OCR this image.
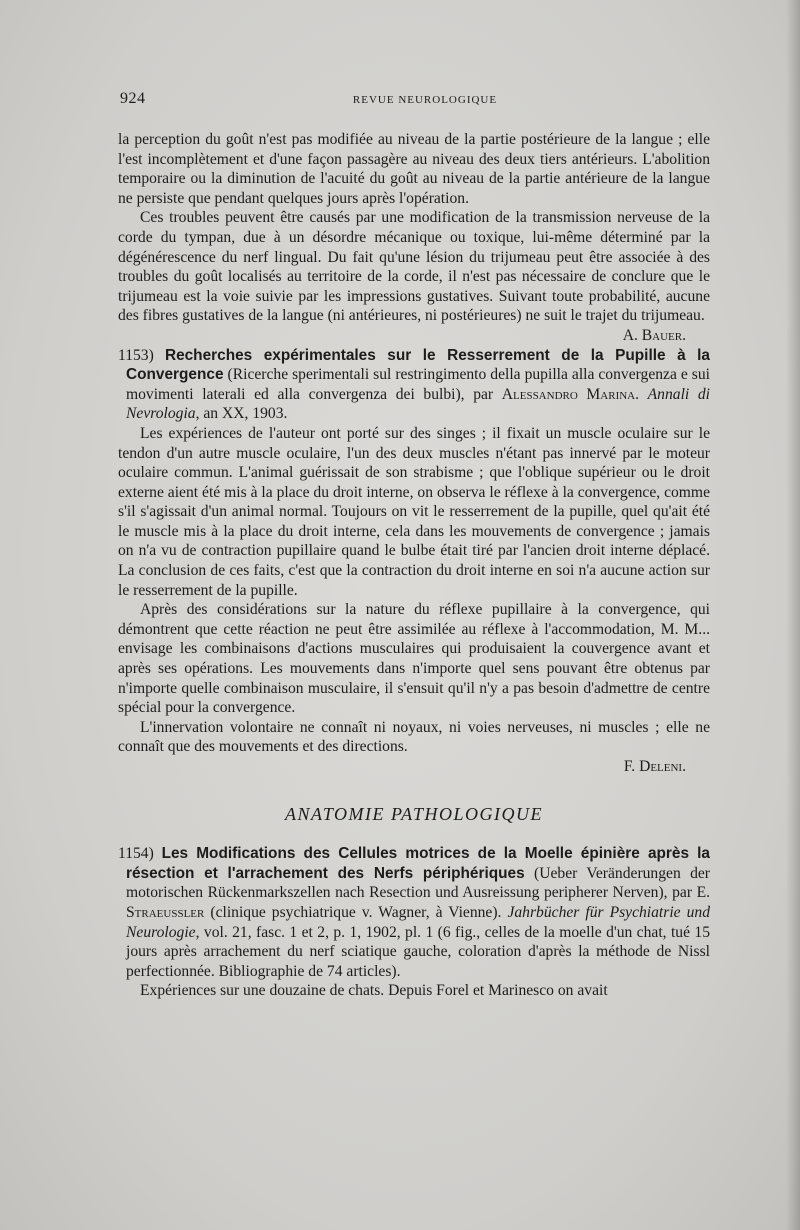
924	REVUE NEUROLOGIQUE

la perception du goût n'est pas modifiée au niveau de la partie postérieure de la langue ; elle l'est incomplètement et d'une façon passagère au niveau des deux tiers antérieurs. L'abolition temporaire ou la diminution de l'acuité du goût au niveau de la partie antérieure de la langue ne persiste que pendant quelques jours après l'opération.

Ces troubles peuvent être causés par une modification de la transmission nerveuse de la corde du tympan, due à un désordre mécanique ou toxique, lui-même déterminé par la dégénérescence du nerf lingual. Du fait qu'une lésion du trijumeau peut être associée à des troubles du goût localisés au territoire de la corde, il n'est pas nécessaire de conclure que le trijumeau est la voie suivie par les impressions gustatives. Suivant toute probabilité, aucune des fibres gustatives de la langue (ni antérieures, ni postérieures) ne suit le trajet du trijumeau.

A. Bauer.

1153) Recherches expérimentales sur le Resserrement de la Pupille à la Convergence (Ricerche sperimentali sul restringimento della pupilla alla convergenza e sui movimenti laterali ed alla convergenza dei bulbi), par Alessandro Marina. Annali di Nevrologia, an XX, 1903.

Les expériences de l'auteur ont porté sur des singes ; il fixait un muscle oculaire sur le tendon d'un autre muscle oculaire, l'un des deux muscles n'étant pas innervé par le moteur oculaire commun. L'animal guérissait de son strabisme ; que l'oblique supérieur ou le droit externe aient été mis à la place du droit interne, on observa le réflexe à la convergence, comme s'il s'agissait d'un animal normal. Toujours on vit le resserrement de la pupille, quel qu'ait été le muscle mis à la place du droit interne, cela dans les mouvements de convergence ; jamais on n'a vu de contraction pupillaire quand le bulbe était tiré par l'ancien droit interne déplacé. La conclusion de ces faits, c'est que la contraction du droit interne en soi n'a aucune action sur le resserrement de la pupille.

Après des considérations sur la nature du réflexe pupillaire à la convergence, qui démontrent que cette réaction ne peut être assimilée au réflexe à l'accommodation, M. M... envisage les combinaisons d'actions musculaires qui produisaient la couvergence avant et après ses opérations. Les mouvements dans n'importe quel sens pouvant être obtenus par n'importe quelle combinaison musculaire, il s'ensuit qu'il n'y a pas besoin d'admettre de centre spécial pour la convergence.

L'innervation volontaire ne connaît ni noyaux, ni voies nerveuses, ni muscles ; elle ne connaît que des mouvements et des directions.

F. Deleni.

ANATOMIE PATHOLOGIQUE

1154) Les Modifications des Cellules motrices de la Moelle épinière après la résection et l'arrachement des Nerfs périphériques (Ueber Veränderungen der motorischen Rückenmarkszellen nach Resection und Ausreissung peripherer Nerven), par E. Straeussler (clinique psychiatrique v. Wagner, à Vienne). Jahrbücher für Psychiatrie und Neurologie, vol. 21, fasc. 1 et 2, p. 1, 1902, pl. 1 (6 fig., celles de la moelle d'un chat, tué 15 jours après arrachement du nerf sciatique gauche, coloration d'après la méthode de Nissl perfectionnée. Bibliographie de 74 articles).

Expériences sur une douzaine de chats. Depuis Forel et Marinesco on avait
